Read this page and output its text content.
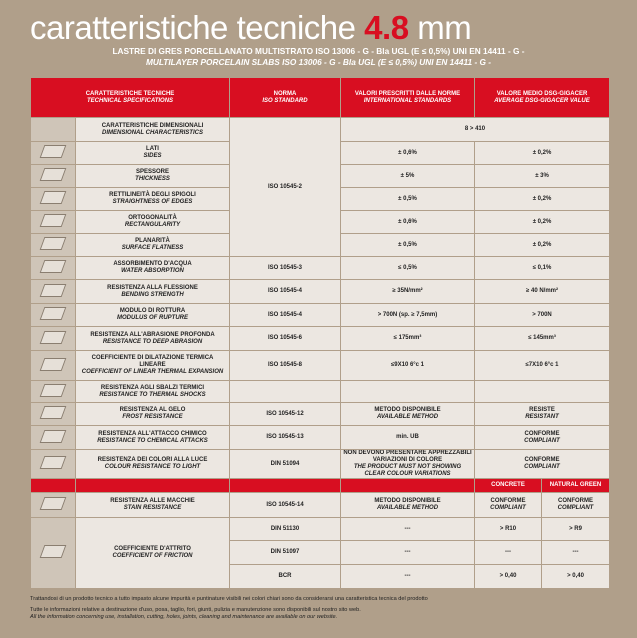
caratteristiche tecniche 4.8 mm
LASTRE DI GRES PORCELLANATO MULTISTRATO ISO 13006 - G - Bla UGL (E ≤ 0,5%) UNI EN 14411 - G -
MULTILAYER PORCELAIN SLABS ISO 13006 - G - Bla UGL (E ≤ 0,5%) UNI EN 14411 - G -
CARATTERISTICHE TECNICHE
TECHNICAL SPECIFICATIONS		NORMA
ISO STANDARD	VALORI PRESCRITTI DALLE NORME
INTERNATIONAL STANDARDS	VALORE MEDIO DSG-GIGACER
AVERAGE DSG-GIGACER VALUE	

	CARATTERISTICHE DIMENSIONALI
DIMENSIONAL CHARACTERISTICS	ISO 10545-2	8 > 410		

	LATI
SIDES		± 0,6%	± 0,2%	

	SPESSORE
THICKNESS		± 5%	± 3%	

	RETTILINEITÀ DEGLI SPIGOLI
STRAIGHTNESS OF EDGES		± 0,5%	± 0,2%	

	ORTOGONALITÀ
RECTANGULARITY		± 0,6%	± 0,2%	

	PLANARITÀ
SURFACE FLATNESS		± 0,5%	± 0,2%	

	ASSORBIMENTO D'ACQUA
WATER ABSORPTION	ISO 10545-3	≤ 0,5%	≤ 0,1%	

	RESISTENZA ALLA FLESSIONE
BENDING STRENGTH	ISO 10545-4	≥ 35N/mm²	≥ 40 N/mm²	

	MODULO DI ROTTURA
MODULUS OF RUPTURE	ISO 10545-4	> 700N (sp. ≥ 7,5mm)	> 700N	

	RESISTENZA ALL'ABRASIONE PROFONDA
RESISTANCE TO DEEP ABRASION	ISO 10545-6	≤ 175mm³	≤ 145mm³	

	COEFFICIENTE DI DILATAZIONE TERMICA LINEARE
COEFFICIENT OF LINEAR THERMAL EXPANSION	ISO 10545-8	≤9X10 6°c 1	≤7X10 6°c 1	

	RESISTENZA AGLI SBALZI TERMICI
RESISTANCE TO THERMAL SHOCKS				

	RESISTENZA AL GELO
FROST RESISTANCE	ISO 10545-12	METODO DISPONIBILE
AVAILABLE METHOD	RESISTE
RESISTANT	

	RESISTENZA ALL'ATTACCO CHIMICO
RESISTANCE TO CHEMICAL ATTACKS	ISO 10545-13	min. UB	CONFORME
COMPLIANT	

	RESISTENZA DEI COLORI ALLA LUCE
COLOUR RESISTANCE TO LIGHT	DIN 51094	NON DEVONO PRESENTARE APPREZZABILI VARIAZIONI DI COLORE
THE PRODUCT MUST NOT SHOWING CLEAR COLOUR VARIATIONS	CONFORME
COMPLIANT	

				CONCRETE	NATURAL GREEN

	RESISTENZA ALLE MACCHIE
STAIN RESISTANCE	ISO 10545-14	METODO DISPONIBILE
AVAILABLE METHOD	CONFORME
COMPLIANT	CONFORME
COMPLIANT

	COEFFICIENTE D'ATTRITO
COEFFICIENT OF FRICTION	DIN 51130	---	> R10	> R9
		DIN 51097	---	---	---
		BCR	---	> 0,40	> 0,40
Trattandosi di un prodotto tecnico a tutto impasto alcune impurità e puntinature visibili nei colori chiari sono da considerarsi una caratteristica tecnica del prodotto
Tutte le informazioni relative a destinazione d'uso, posa, taglio, fori, giunti, pulizia e manutenzione sono disponibili sul nostro sito web.
All the information concerning use, installation, cutting, holes, joints, cleaning and maintenance are available on our website.
